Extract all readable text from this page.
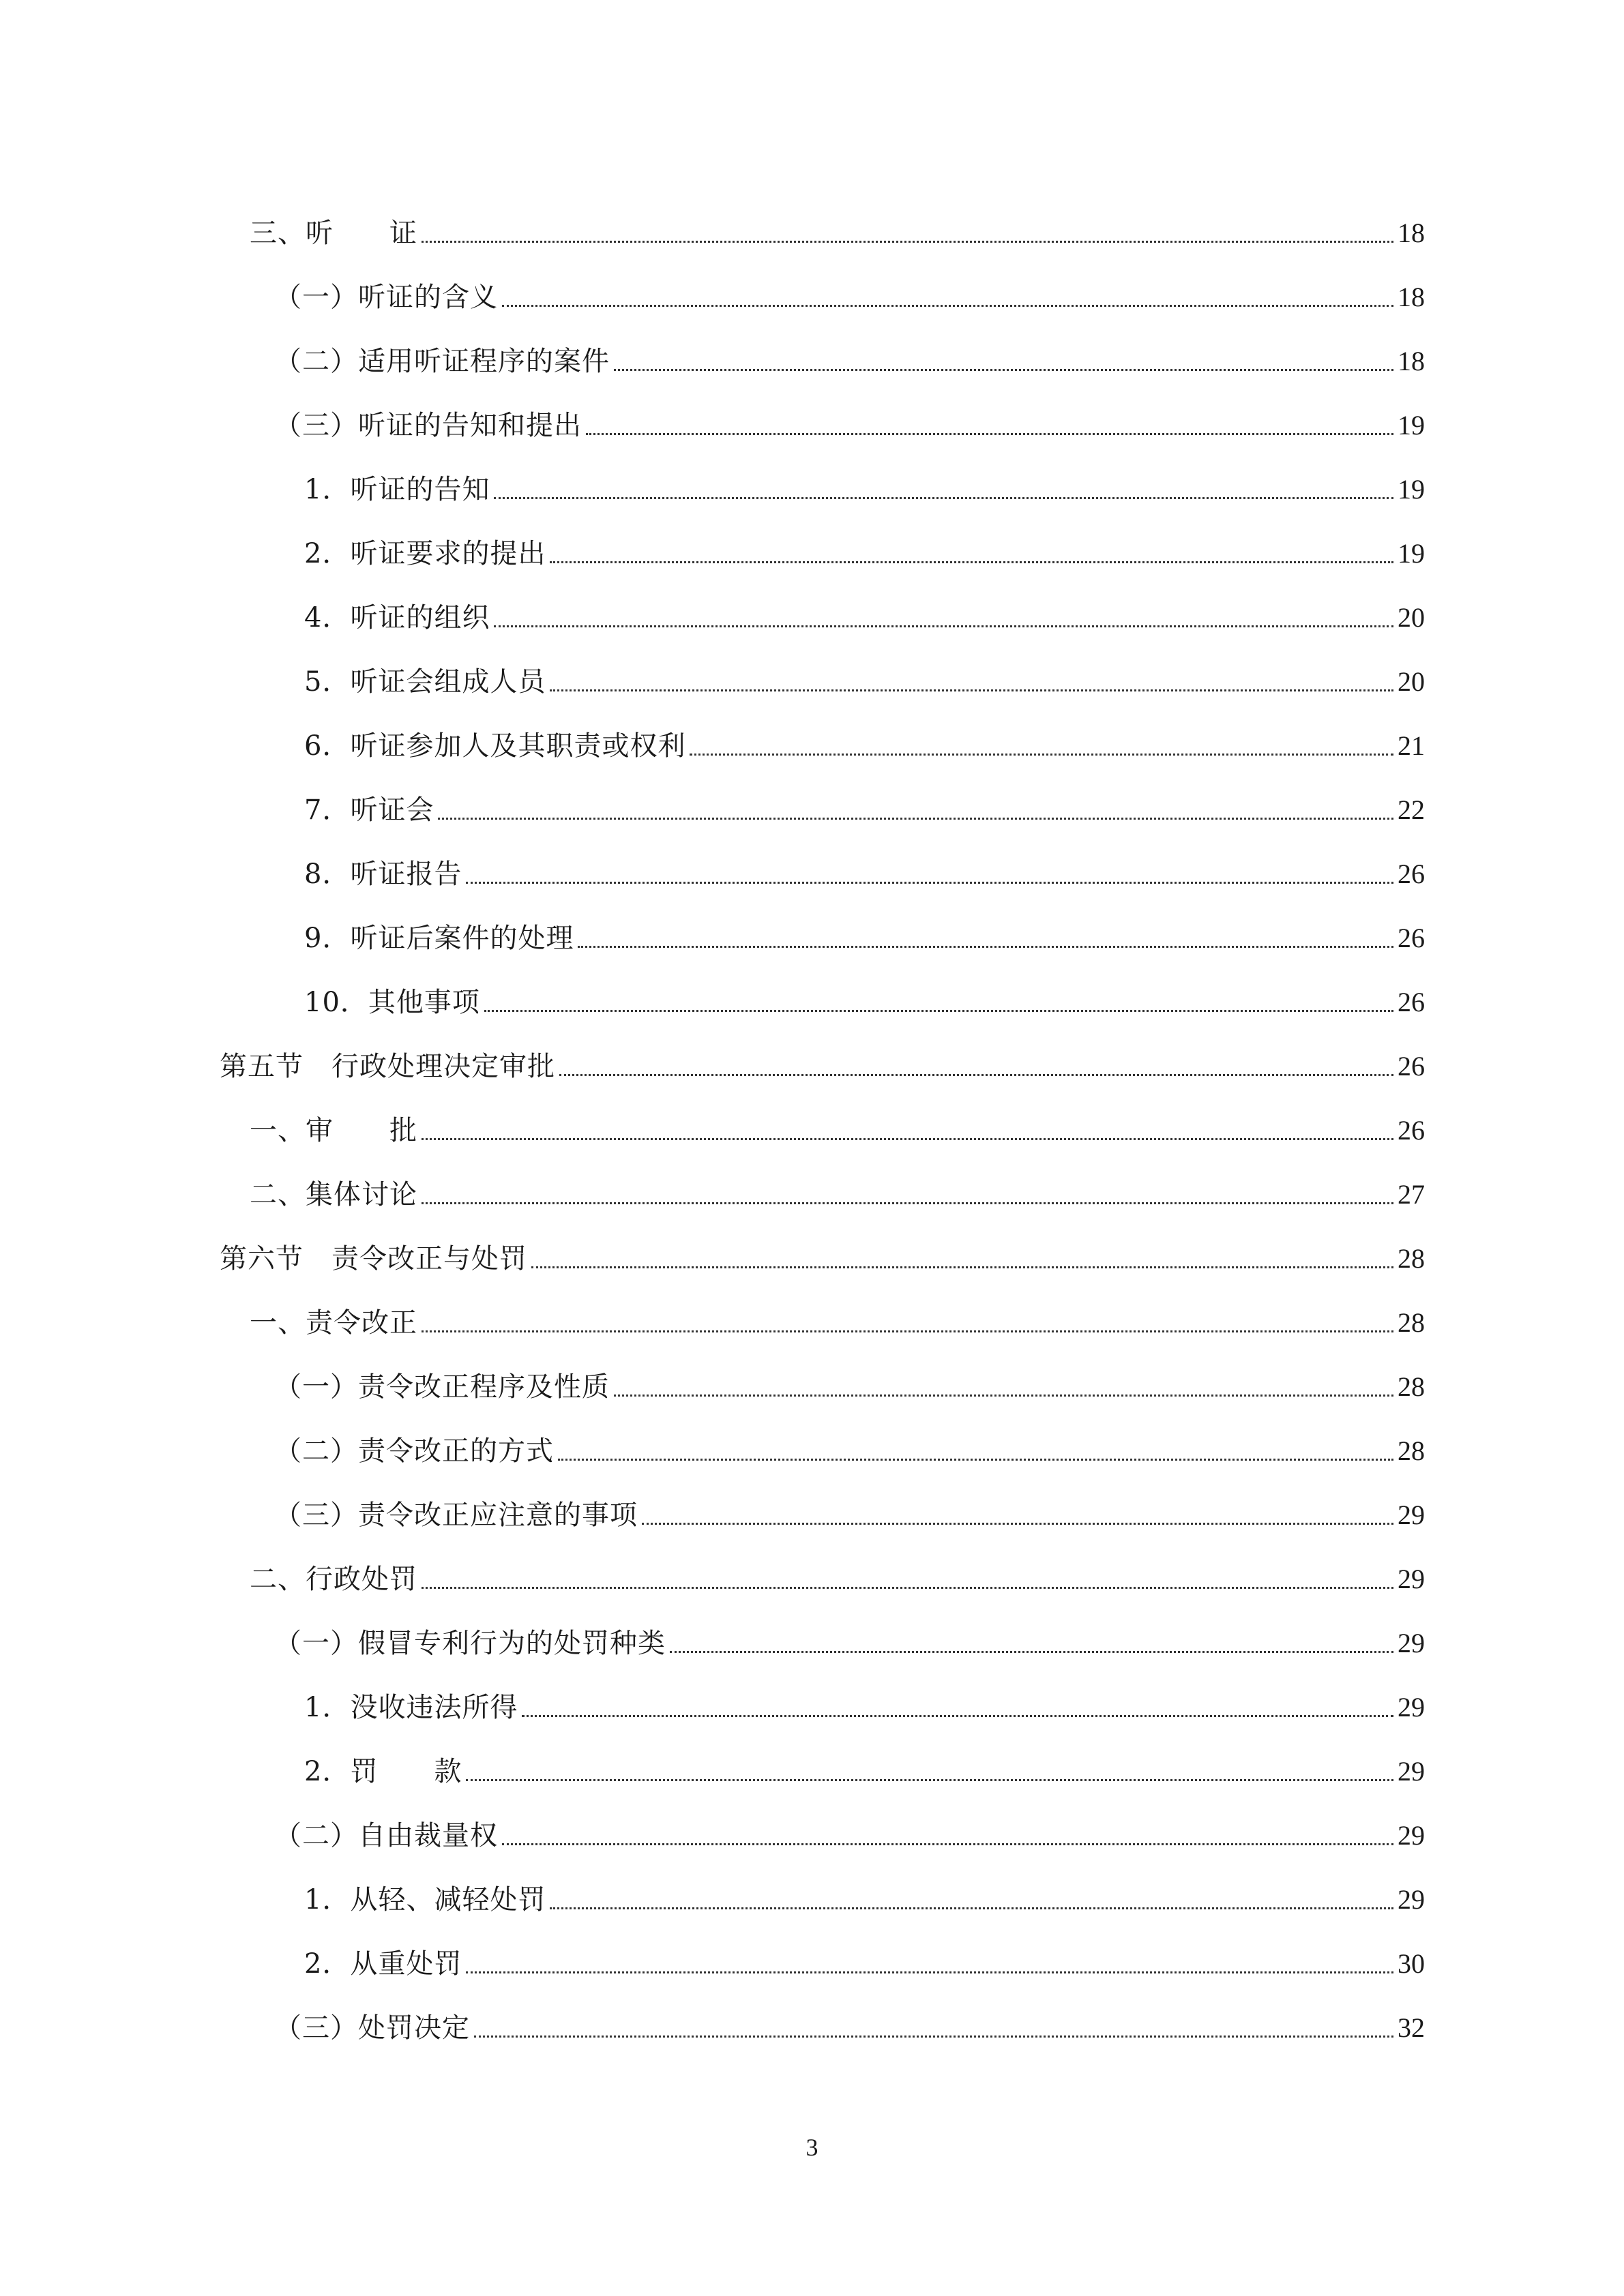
三、听　　证	18
（一）听证的含义	18
（二）适用听证程序的案件	18
（三）听证的告知和提出	19
1．听证的告知	19
2．听证要求的提出	19
4．听证的组织	20
5．听证会组成人员	20
6．听证参加人及其职责或权利	21
7．听证会	22
8．听证报告	26
9．听证后案件的处理	26
10．其他事项	26
第五节　行政处理决定审批	26
一、审　　批	26
二、集体讨论	27
第六节　责令改正与处罚	28
一、责令改正	28
（一）责令改正程序及性质	28
（二）责令改正的方式	28
（三）责令改正应注意的事项	29
二、行政处罚	29
（一）假冒专利行为的处罚种类	29
1．没收违法所得	29
2．罚　　款	29
（二）自由裁量权	29
1．从轻、减轻处罚	29
2．从重处罚	30
（三）处罚决定	32
3
